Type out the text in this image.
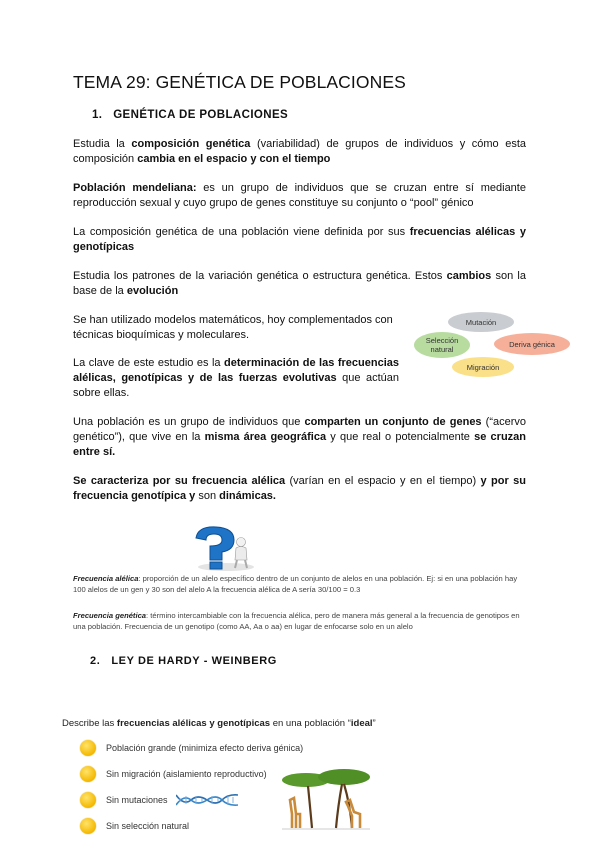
TEMA 29: GENÉTICA DE POBLACIONES
1. GENÉTICA DE POBLACIONES
Estudia la composición genética (variabilidad) de grupos de individuos y cómo esta composición cambia en el espacio y con el tiempo
Población mendeliana: es un grupo de individuos que se cruzan entre sí mediante reproducción sexual y cuyo grupo de genes constituye su conjunto o “pool” génico
La composición genética de una población viene definida por sus frecuencias alélicas y genotípicas
Estudia los patrones de la variación genética o estructura genética. Estos cambios son la base de la evolución
Se han utilizado modelos matemáticos, hoy complementados con técnicas bioquímicas y moleculares.
La clave de este estudio es la determinación de las frecuencias alélicas, genotípicas y de las fuerzas evolutivas que actúan sobre ellas.
Mutación
Selección natural
Deriva génica
Migración
Una población es un grupo de individuos que comparten un conjunto de genes (“acervo genético”), que vive en la misma área geográfica y que real o potencialmente se cruzan entre sí.
Se caracteriza por su frecuencia alélica (varían en el espacio y en el tiempo) y por su frecuencia genotípica y son dinámicas.
Frecuencia alélica: proporción de un alelo específico dentro de un conjunto de alelos en una población. Ej: si en una población hay 100 alelos de un gen y 30 son del alelo A la frecuencia alélica de A sería 30/100 = 0.3
Frecuencia genética: término intercambiable con la frecuencia alélica, pero de manera más general a la frecuencia de genotipos en una población. Frecuencia de un genotipo (como AA, Aa o aa) en lugar de enfocarse solo en un alelo
2. LEY DE HARDY - WEINBERG
Describe las frecuencias alélicas y genotípicas en una población “ideal”
Población grande (minimiza efecto deriva génica)
Sin migración (aislamiento reproductivo)
Sin mutaciones
Sin selección natural
